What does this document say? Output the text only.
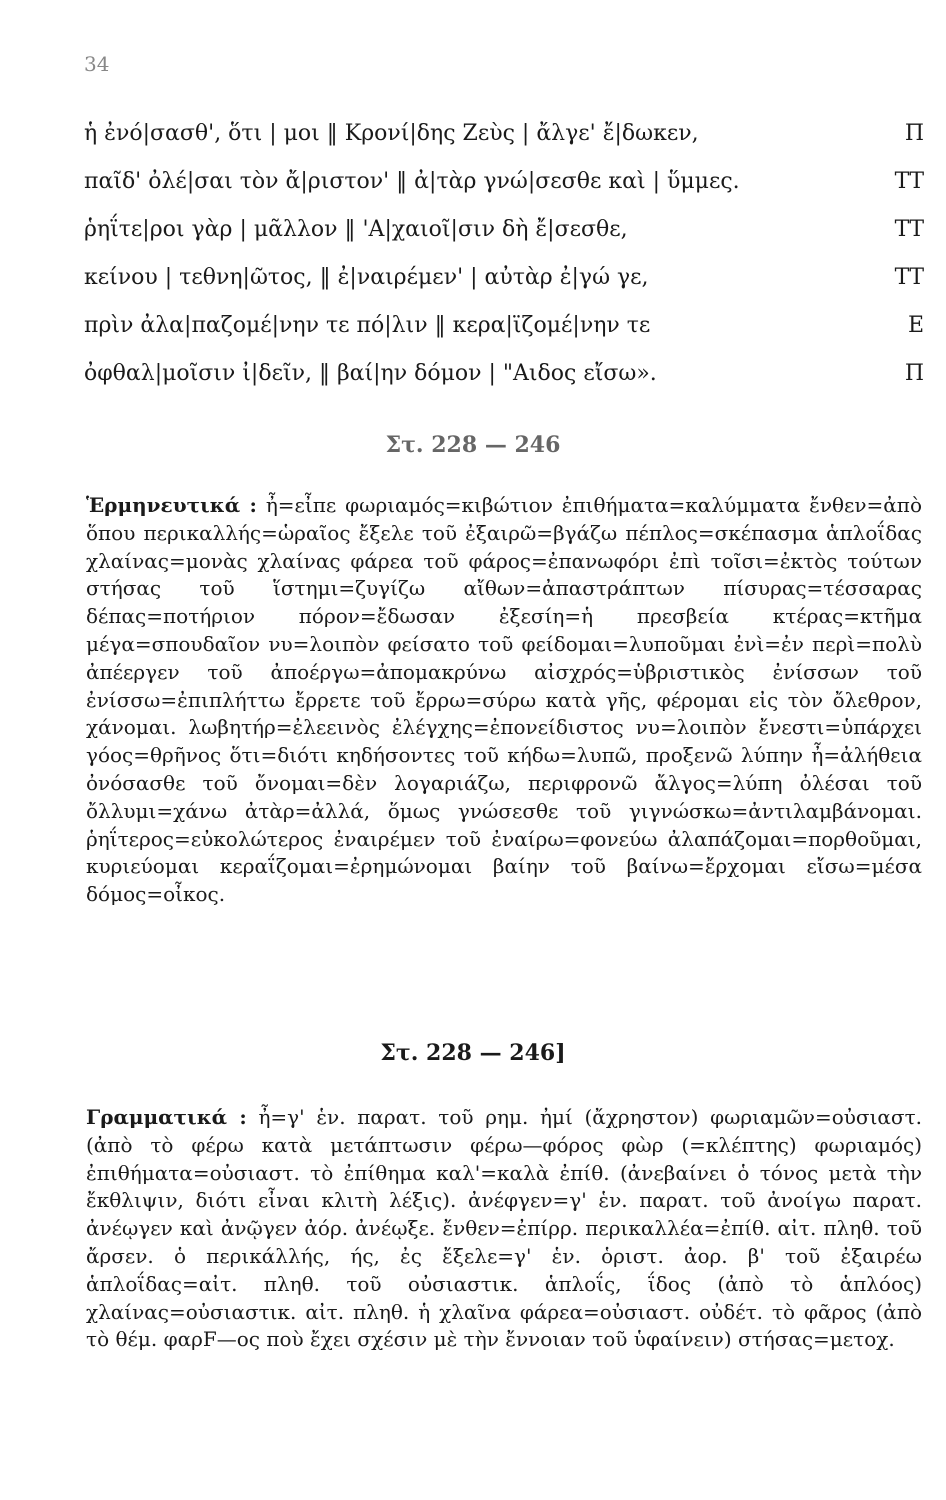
34
ἡ ἐνό|σασθ', ὅτι | μοι ‖ Κρονί|δης Ζεὺς | ἄλγε' ἔ|δωκεν,	Π
παῖδ' ὀλέ|σαι τὸν ἄ|ριστον' ‖ ἀ|τὰρ γνώ|σεσθε καὶ | ὕμμες.	ΤΤ
ῥηΐτε|ροι γὰρ | μᾶλλον ‖ 'Α|χαιοῖ|σιν δὴ ἔ|σεσθε,	ΤΤ
κείνου | τεθνη|ῶτος, ‖ ἐ|ναιρέμεν' | αὐτὰρ ἐ|γώ γε,	ΤΤ
πρὶν ἀλα|παζομέ|νην τε πό|λιν ‖ κερα|ϊζομέ|νην τε	Ε
ὀφθαλ|μοῖσιν ἰ|δεῖν, ‖ βαί|ην δόμον | "Αιδος εἴσω».	Π
Στ. 228 — 246
Ἑρμηνευτικά : ἦ=εἶπε φωριαμός=κιβώτιον ἐπιθήματα=καλύμματα ἔνθεν=ἀπὸ ὅπου περικαλλής=ὡραῖος ἔξελε τοῦ ἐξαιρῶ=βγάζω πέπλος=σκέπασμα ἁπλοΐδας χλαίνας=μονὰς χλαίνας φάρεα τοῦ φάρος=ἐπανωφόρι ἐπὶ τοῖσι=ἐκτὸς τούτων στήσας τοῦ ἵστημι=ζυγίζω αἴθων=ἀπαστράπτων πίσυρας=τέσσαρας δέπας=ποτήριον πόρον=ἔδωσαν ἐξεσίη=ἡ πρεσβεία κτέρας=κτῆμα μέγα=σπουδαῖον νυ=λοιπὸν φείσατο τοῦ φείδομαι=λυποῦμαι ἐνὶ=ἐν περὶ=πολὺ ἀπέεργεν τοῦ ἀποέργω=ἀπομακρύνω αἰσχρός=ὑβριστικὸς ἐνίσσων τοῦ ἐνίσσω=ἐπιπλήττω ἔρρετε τοῦ ἔρρω=σύρω κατὰ γῆς, φέρομαι εἰς τὸν ὄλεθρον, χάνομαι. λωβητήρ=ἐλεεινὸς ἐλέγχης=ἐπονείδιστος νυ=λοιπὸν ἔνεστι=ὑπάρχει γόος=θρῆνος ὅτι=διότι κηδήσοντες τοῦ κήδω=λυπῶ, προξενῶ λύπην ἦ=ἀλήθεια ὀνόσασθε τοῦ ὄνομαι=δὲν λογαριάζω, περιφρονῶ ἄλγος=λύπη ὀλέσαι τοῦ ὄλλυμι=χάνω ἀτὰρ=ἀλλά, ὅμως γνώσεσθε τοῦ γιγνώσκω=ἀντιλαμβάνομαι. ῥηΐτερος=εὐκολώτερος ἐναιρέμεν τοῦ ἐναίρω=φονεύω ἀλαπάζομαι=πορθοῦμαι, κυριεύομαι κεραΐζομαι=ἐρημώνομαι βαίην τοῦ βαίνω=ἔρχομαι εἴσω=μέσα δόμος=οἶκος.
Στ. 228 — 246]
Γραμματικά : ἦ=γ' ἑν. παρατ. τοῦ ρημ. ἠμί (ἄχρηστον) φωριαμῶν=οὐσιαστ. (ἀπὸ τὸ φέρω κατὰ μετάπτωσιν φέρω—φόρος φὼρ (=κλέπτης) φωριαμός) ἐπιθήματα=οὐσιαστ. τὸ ἐπίθημα καλ'=καλὰ ἐπίθ. (ἀνεβαίνει ὁ τόνος μετὰ τὴν ἔκθλιψιν, διότι εἶναι κλιτὴ λέξις). ἀνέφγεν=γ' ἑν. παρατ. τοῦ ἀνοίγω παρατ. ἀνέῳγεν καὶ ἀνῷγεν ἀόρ. ἀνέῳξε. ἔνθεν=ἐπίρρ. περικαλλέα=ἐπίθ. αἰτ. πληθ. τοῦ ἄρσεν. ὁ περικάλλής, ής, ἐς ἔξελε=γ' ἑν. ὁριστ. ἀορ. β' τοῦ ἐξαιρέω ἁπλοΐδας=αἰτ. πληθ. τοῦ οὐσιαστικ. ἁπλοΐς, ΐδος (ἀπὸ τὸ ἁπλόος) χλαίνας=οὐσιαστικ. αἰτ. πληθ. ἡ χλαῖνα φάρεα=οὐσιαστ. οὐδέτ. τὸ φᾶρος (ἀπὸ τὸ θέμ. φαρF—ος ποὺ ἔχει σχέσιν μὲ τὴν ἔννοιαν τοῦ ὑφαίνειν) στήσας=μετοχ.
